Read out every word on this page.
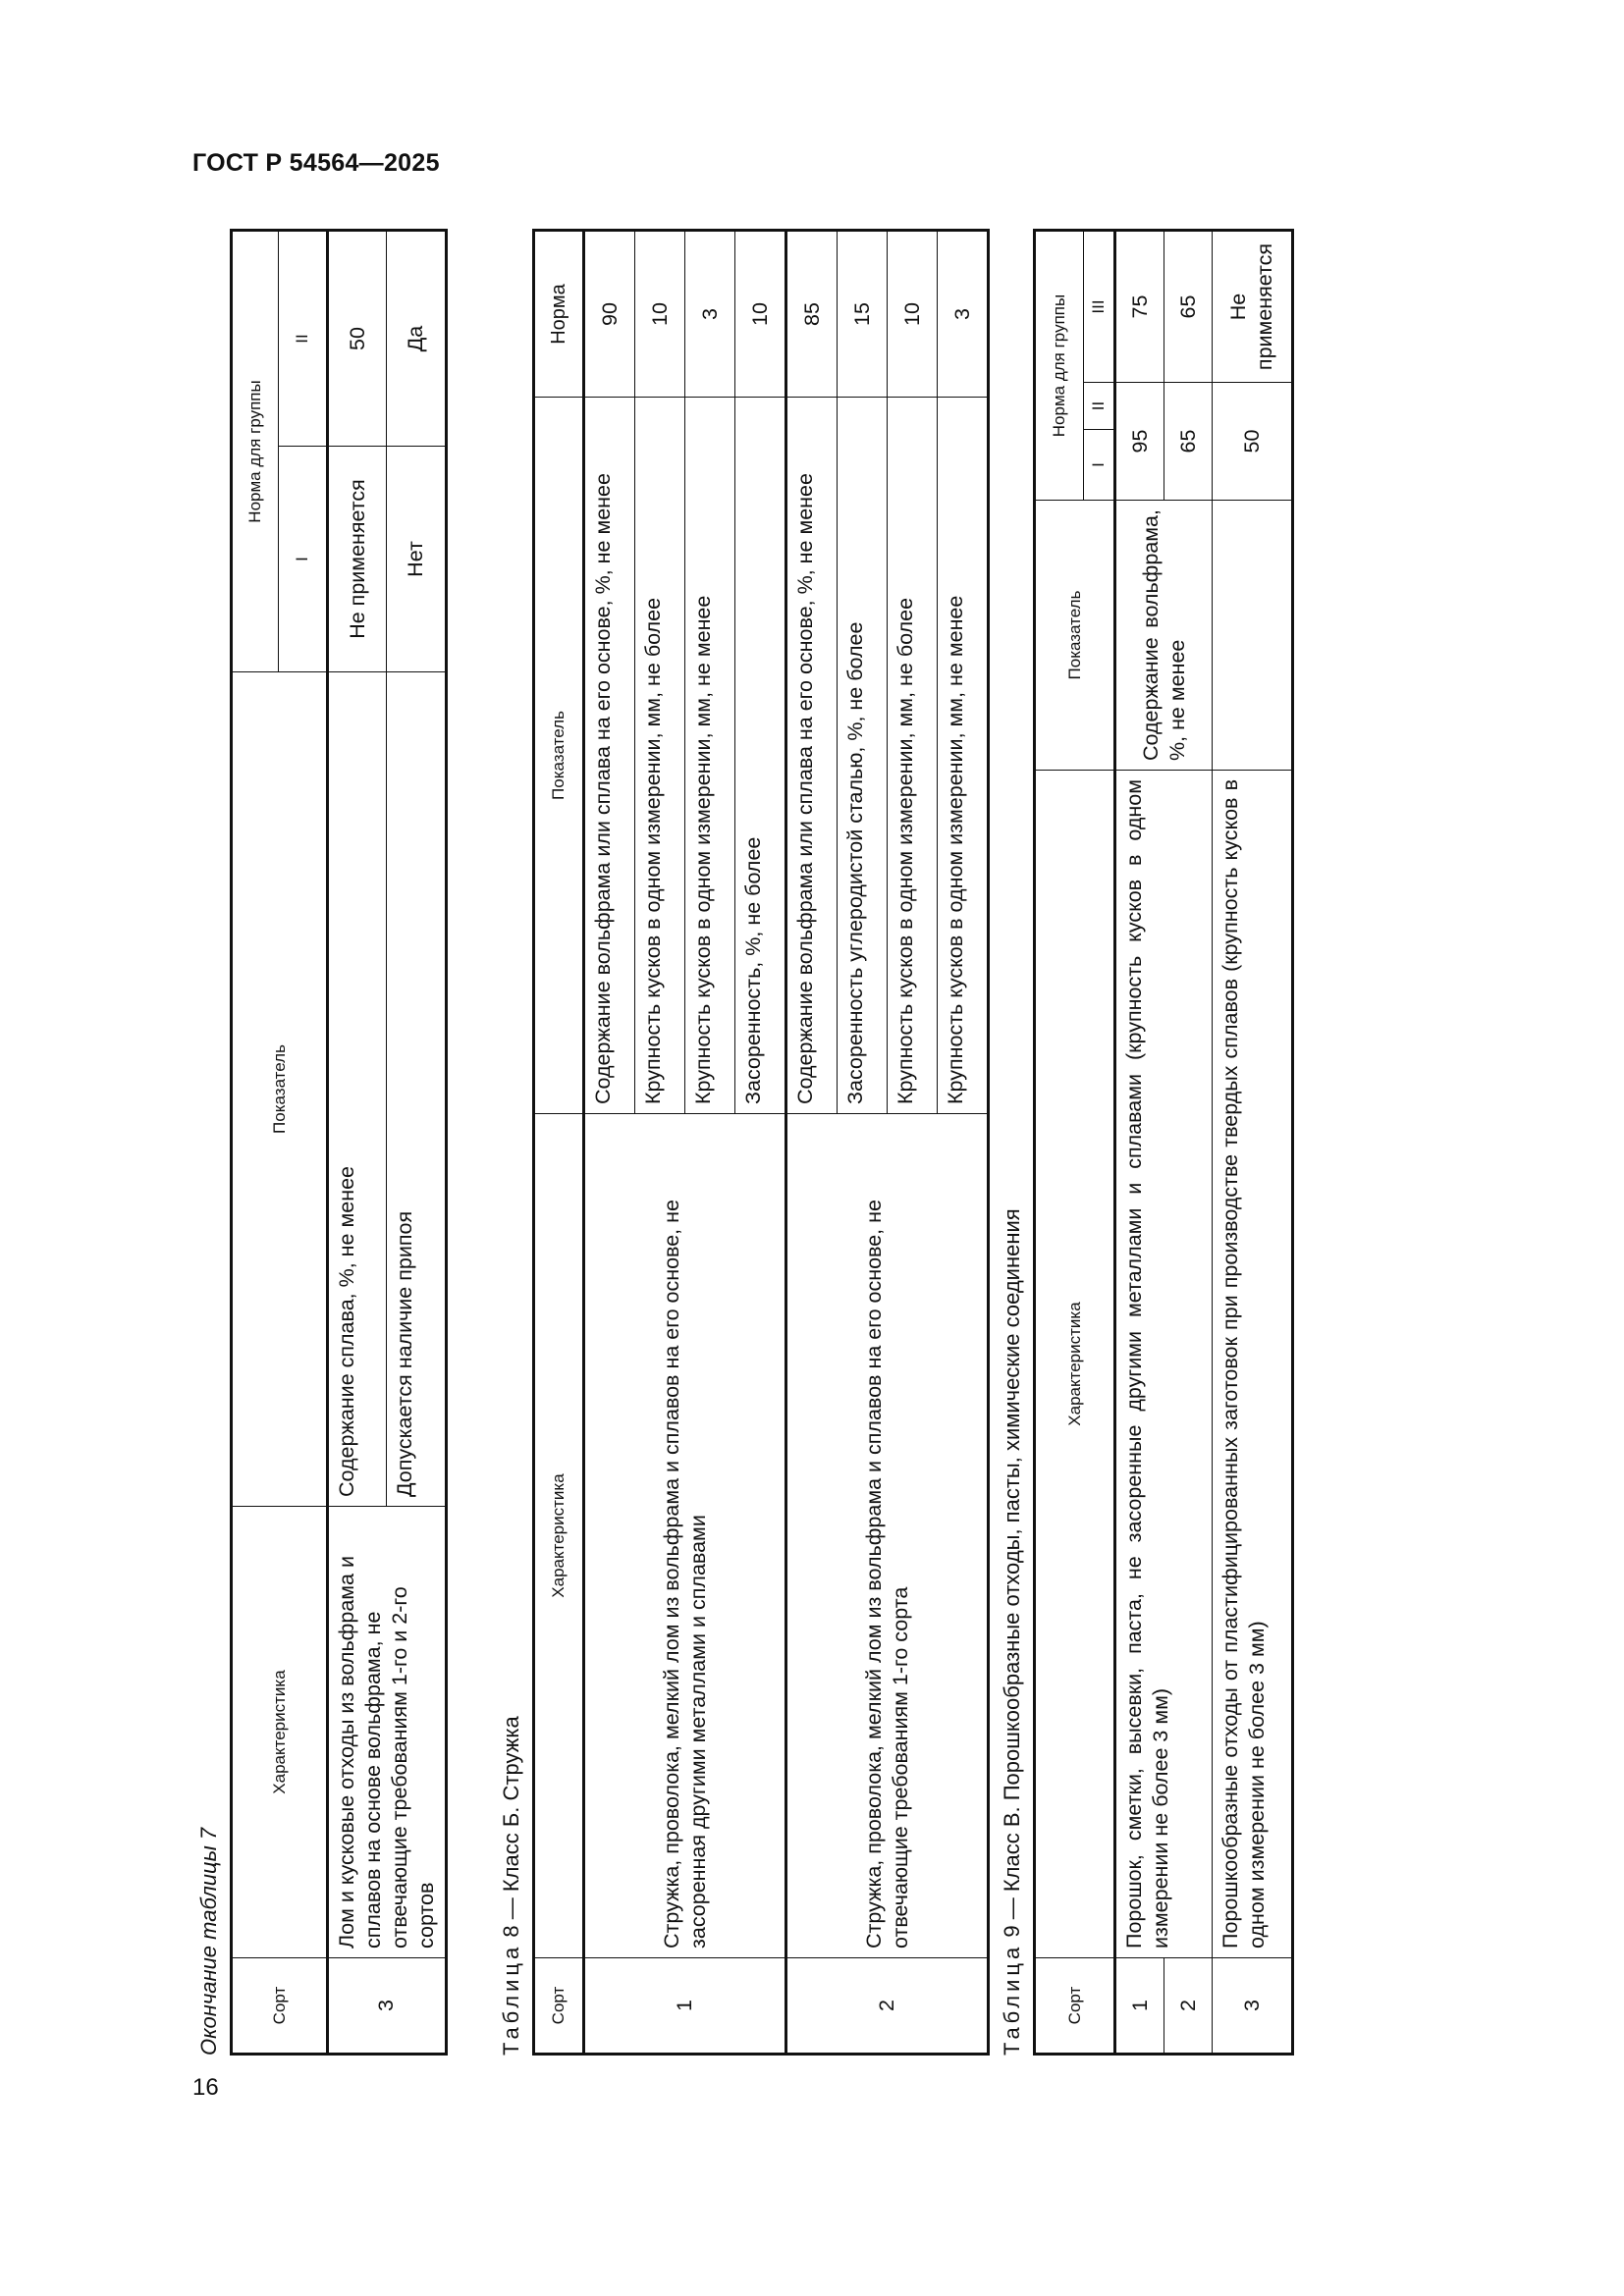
ГОСТ Р 54564—2025
16
Окончание таблицы 7	Сорт	Характеристика	Показатель	Норма для группы	
			I	II
3	Лом и кусковые отходы из вольфрама и сплавов на основе вольфрама, не отвечающие требованиям 1-го и 2-го сортов	Содержание сплава, %, не менее	Не применяется	50
		Допускается наличие припоя	Нет	Да
Таблица 8 — Класс Б. Стружка
Сорт	Характеристика	Показатель	Норма
1	Стружка, проволока, мелкий лом из вольфрама и сплавов на его основе, не засоренная другими металлами и сплавами	Содержание вольфрама или сплава на его основе, %, не менее	90
		Крупность кусков в одном измерении, мм, не более	10
		Крупность кусков в одном измерении, мм, не менее	3
		Засоренность, %, не более	10
2	Стружка, проволока, мелкий лом из вольфрама и сплавов на его основе, не отвечающие требованиям 1-го сорта	Содержание вольфрама или сплава на его основе, %, не менее	85
		Засоренность углеродистой сталью, %, не более	15
		Крупность кусков в одном измерении, мм, не более	10
		Крупность кусков в одном измерении, мм, не менее	3
Таблица 9 — Класс В. Порошкообразные отходы, пасты, химические соединения
Сорт	Характеристика	Показатель	Норма для группы		
			I	II	III
1	Порошок, сметки, высевки, паста, не засоренные другими металлами и сплавами (крупность кусков в одном измерении не более 3 мм)	Содержание вольфрама, %, не менее	95		75
2			65		65
3	Порошкообразные отходы от пластифицированных заготовок при производстве твердых сплавов (крупность кусков в одном измерении не более 3 мм)		50		Не применяется
